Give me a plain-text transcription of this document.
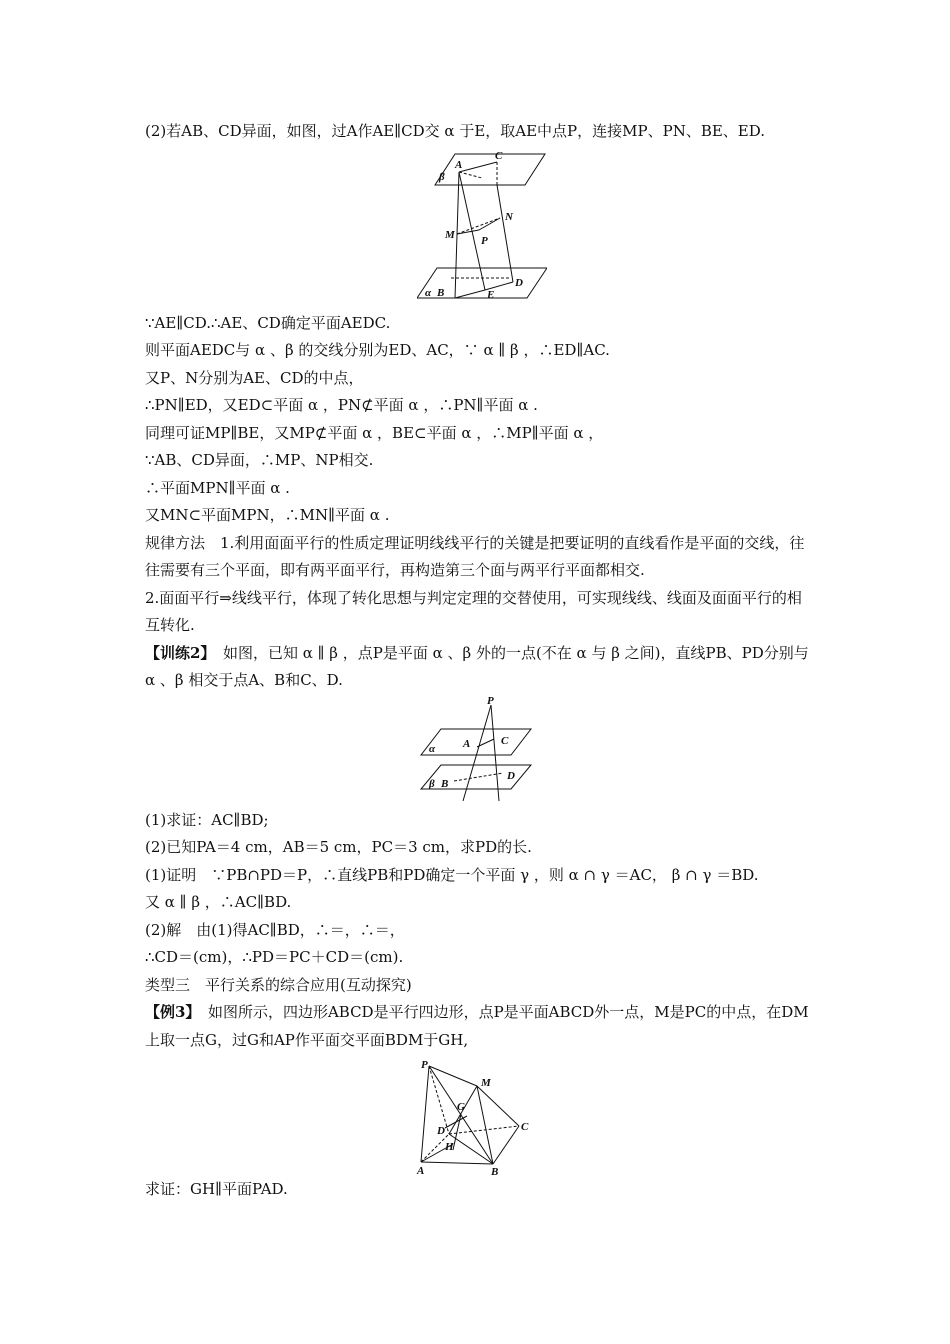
(2)若AB、CD异面，如图，过A作AE∥CD交 α 于E，取AE中点P，连接MP、PN、BE、ED.

β
A
C
M
N
P
α B	E
D

∵AE∥CD.∴AE、CD确定平面AEDC.

则平面AEDC与 α 、β 的交线分别为ED、AC，∵ α ∥ β ，∴ED∥AC.

又P、N分别为AE、CD的中点，

∴PN∥ED，又ED⊂平面 α ，PN⊄平面 α ，∴PN∥平面 α .

同理可证MP∥BE，又MP⊄平面 α ，BE⊂平面 α ，∴MP∥平面 α ，

∵AB、CD异面，∴MP、NP相交.

∴平面MPN∥平面 α .

又MN⊂平面MPN，∴MN∥平面 α .

规律方法　1.利用面面平行的性质定理证明线线平行的关键是把要证明的直线看作是平面的交线，往往需要有三个平面，即有两平面平行，再构造第三个面与两平行平面都相交.

2.面面平行⇒线线平行，体现了转化思想与判定定理的交替使用，可实现线线、线面及面面平行的相互转化.

【训练2】　如图，已知 α ∥ β ，点P是平面 α 、β 外的一点(不在 α 与 β 之间)，直线PB、PD分别与 α 、β 相交于点A、B和C、D.

P
α	A	C
β B
D

(1)求证：AC∥BD;

(2)已知PA＝4 cm，AB＝5 cm，PC＝3 cm，求PD的长.

(1)证明　∵PB∩PD＝P，∴直线PB和PD确定一个平面 γ ，则 α ∩ γ ＝AC， β ∩ γ ＝BD.

又 α ∥ β ，∴AC∥BD.

(2)解　由(1)得AC∥BD，∴＝，∴＝，

∴CD＝(cm)，∴PD＝PC＋CD＝(cm).

类型三　平行关系的综合应用(互动探究)

【例3】　如图所示，四边形ABCD是平行四边形，点P是平面ABCD外一点，M是PC的中点，在DM上取一点G，过G和AP作平面交平面BDM于GH,

P
M
G
D
H
C
A	B

求证：GH∥平面PAD.
